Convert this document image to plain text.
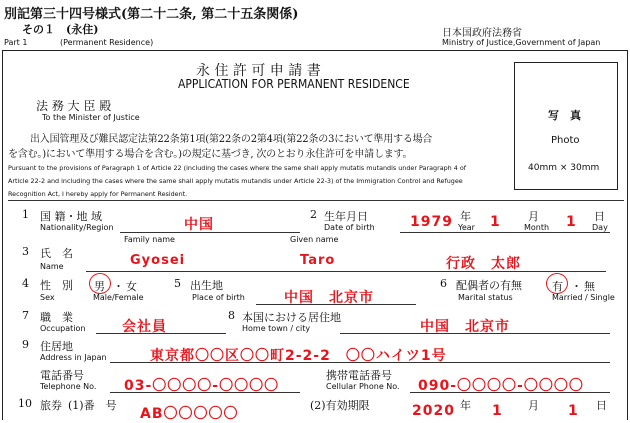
別記第三十四号様式(第二十二条, 第二十五条関係)
その１　(永住)
Part 1	(Permanent Residence)
日本国政府法務省
Ministry of Justice,Government of Japan
永 住 許 可 申 請 書
APPLICATION FOR PERMANENT RESIDENCE
写　真
Photo
40mm × 30mm
法 務 大 臣 殿
To the Minister of Justice
出入国管理及び難民認定法第22条第1項(第22条の2第4項(第22条の3において準用する場合
を含む。)において準用する場合を含む。)の規定に基づき, 次のとおり永住許可を申請します。
Pursuant to the provisions of Paragraph 1 of Article 22 (including the cases where the same shall apply mutatis mutandis under Paragraph 4 of
Article 22-2 and including the cases where the same shall apply mutatis mutandis under Article 22-3) of the Immigration Control and Refugee
Recognition Act, I hereby apply for Permanent Resident.
1 国 籍・地 域
Nationality/Region	中国
2 生年月日
Date of birth	1979 年
Year 1 月
Month 1 日
Day
Family name	Given name
3 氏　名
Name	Gyosei	Taro	行政　太郎
4 性　別
Sex
男 ・ 女
Male/Female
5 出生地
Place of birth	中国　北京市
6 配偶者の有無
Marital status
有 ・ 無
Married / Single
7 職　業
Occupation	会社員
8 本国における居住地
Home town / city	中国　北京市
9 住居地
Address in Japan	東京都〇〇区〇〇町2-2-2　〇〇ハイツ1号
電話番号
Telephone No. 03-〇〇〇〇-〇〇〇〇
携帯電話番号
Cellular Phone No. 090-〇〇〇〇-〇〇〇〇
10 旅券 (1)番　号
AB〇〇〇〇〇
(2)有効期限	2020 年 1 月 1 日
